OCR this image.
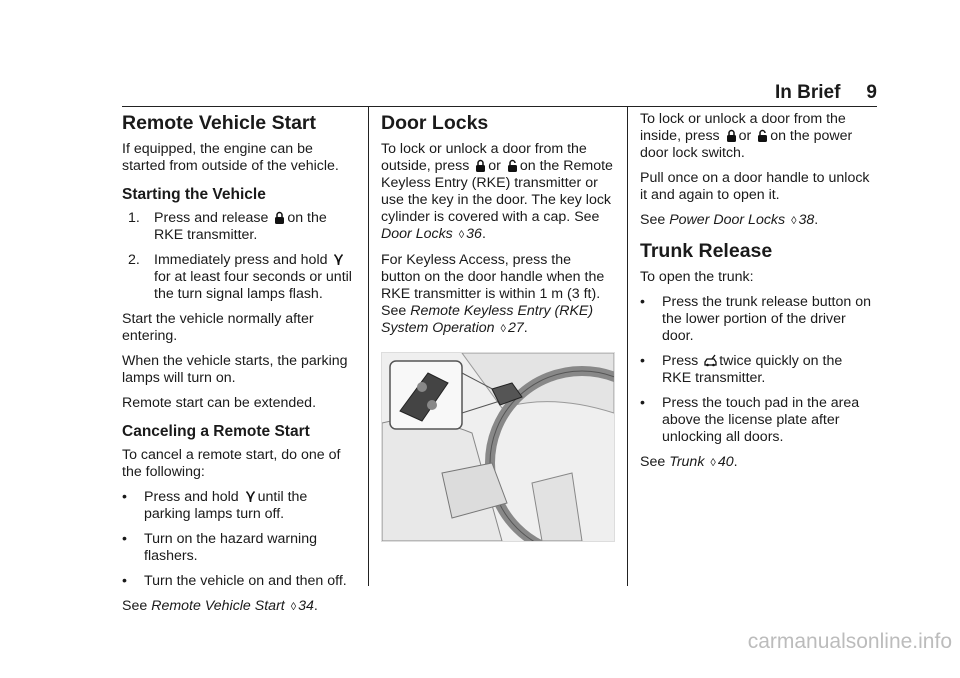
In Brief 9
Remote Vehicle Start

If equipped, the engine can be started from outside of the vehicle.

Starting the Vehicle
1. Press and release on the RKE transmitter.
2. Immediately press and hold
for at least four seconds or until the turn signal lamps flash.

Start the vehicle normally after entering.

When the vehicle starts, the parking lamps will turn on.

Remote start can be extended.

Canceling a Remote Start

To cancel a remote start, do one of the following:

•	Press and hold until the parking lamps turn off.
•	Turn on the hazard warning flashers.
•	Turn the vehicle on and then off.

See Remote Vehicle Start ◊ 34.

Door Locks

To lock or unlock a door from the outside, press or on the Remote Keyless Entry (RKE) transmitter or use the key in the door. The key lock cylinder is covered with a cap. See Door Locks ◊ 36.

For Keyless Access, press the button on the door handle when the RKE transmitter is within 1 m (3 ft). See Remote Keyless Entry (RKE) System Operation ◊ 27.

To lock or unlock a door from the inside, press or on the power door lock switch.

Pull once on a door handle to unlock it and again to open it.

See Power Door Locks ◊ 38.

Trunk Release

To open the trunk:

•	Press the trunk release button on the lower portion of the driver door.
•	Press twice quickly on the RKE transmitter.
•	Press the touch pad in the area above the license plate after unlocking all doors.

See Trunk ◊ 40.

carmanualsonline.info
